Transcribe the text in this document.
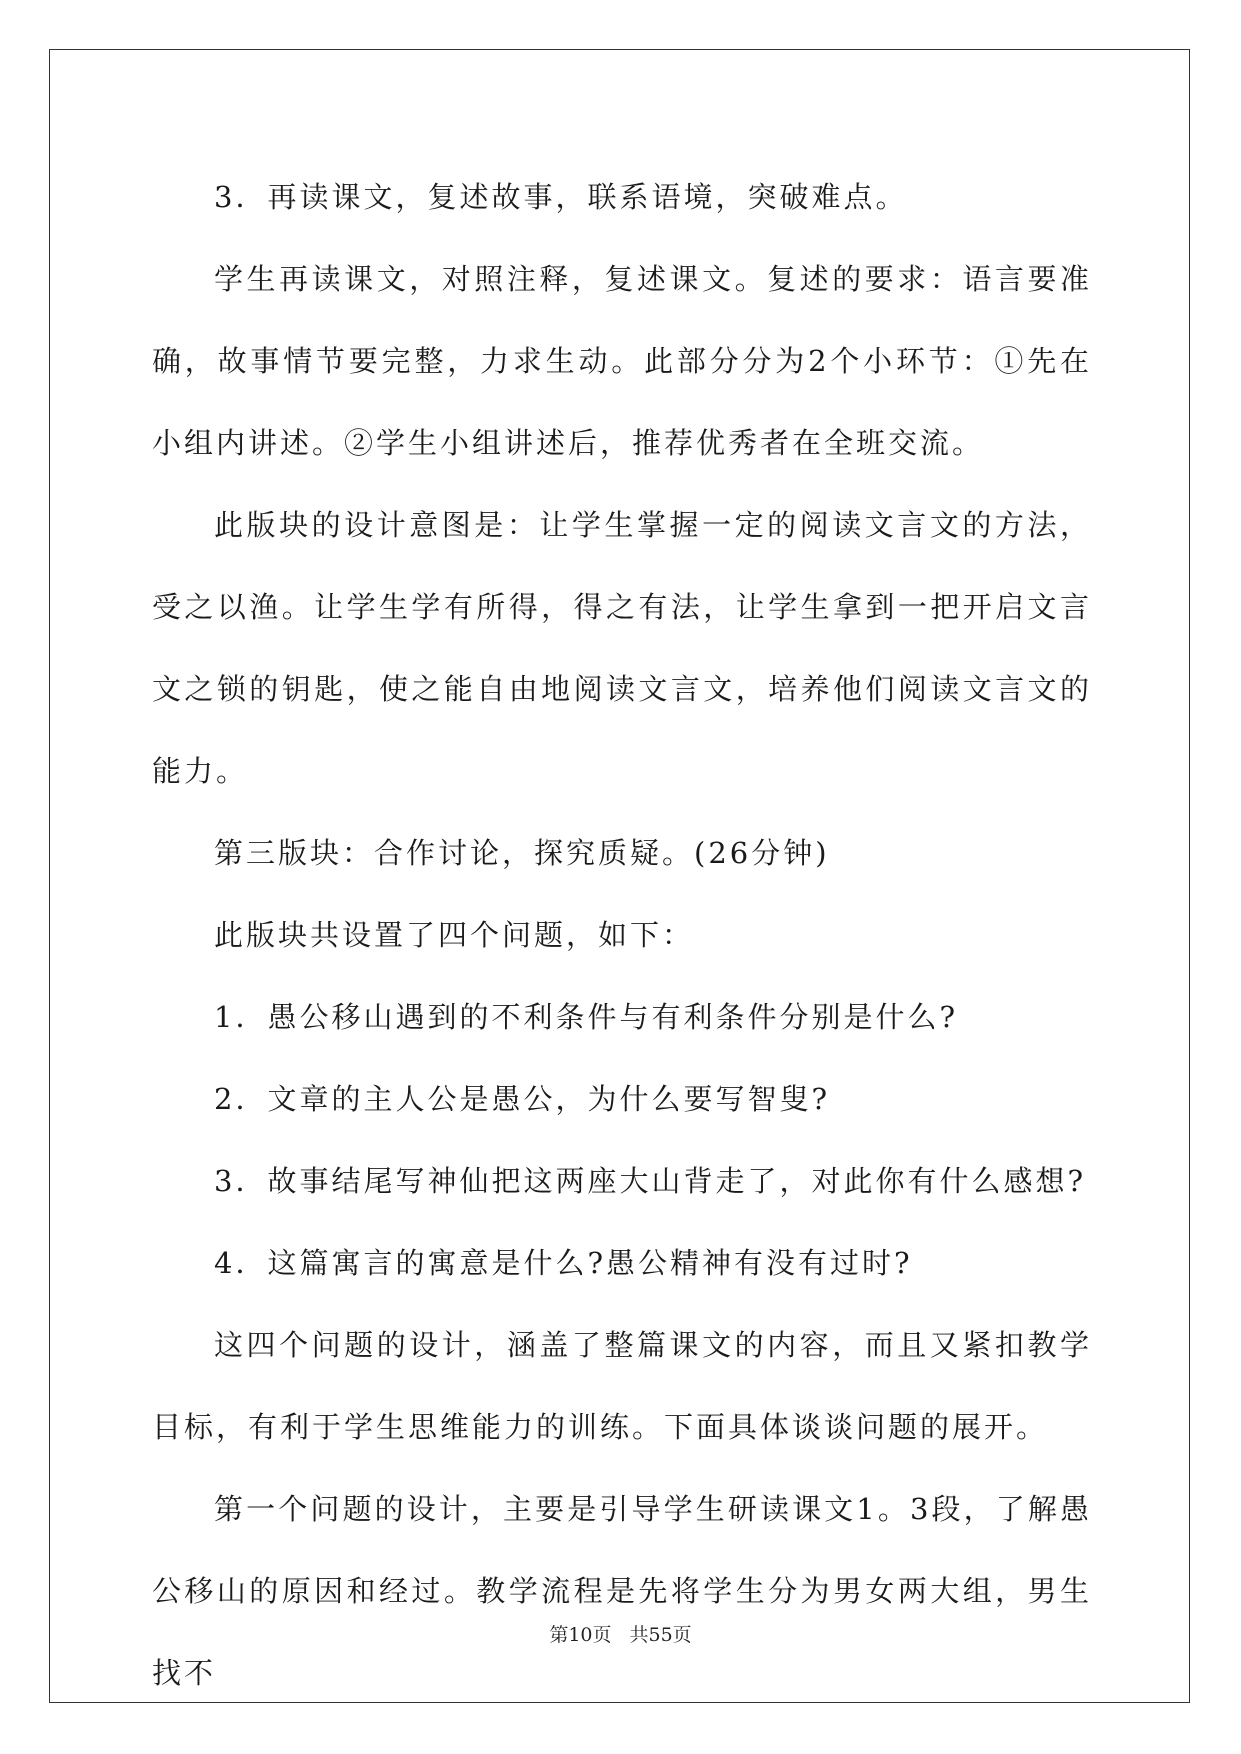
3．再读课文，复述故事，联系语境，突破难点。

学生再读课文，对照注释，复述课文。复述的要求：语言要准确，故事情节要完整，力求生动。此部分分为2个小环节：①先在小组内讲述。②学生小组讲述后，推荐优秀者在全班交流。

此版块的设计意图是：让学生掌握一定的阅读文言文的方法，受之以渔。让学生学有所得，得之有法，让学生拿到一把开启文言文之锁的钥匙，使之能自由地阅读文言文，培养他们阅读文言文的能力。

第三版块：合作讨论，探究质疑。(26分钟)

此版块共设置了四个问题，如下：

1．愚公移山遇到的不利条件与有利条件分别是什么?

2．文章的主人公是愚公，为什么要写智叟?

3．故事结尾写神仙把这两座大山背走了，对此你有什么感想?

4．这篇寓言的寓意是什么?愚公精神有没有过时?

这四个问题的设计，涵盖了整篇课文的内容，而且又紧扣教学目标，有利于学生思维能力的训练。下面具体谈谈问题的展开。

第一个问题的设计，主要是引导学生研读课文1。3段，了解愚公移山的原因和经过。教学流程是先将学生分为男女两大组，男生找不

第10页 共55页
